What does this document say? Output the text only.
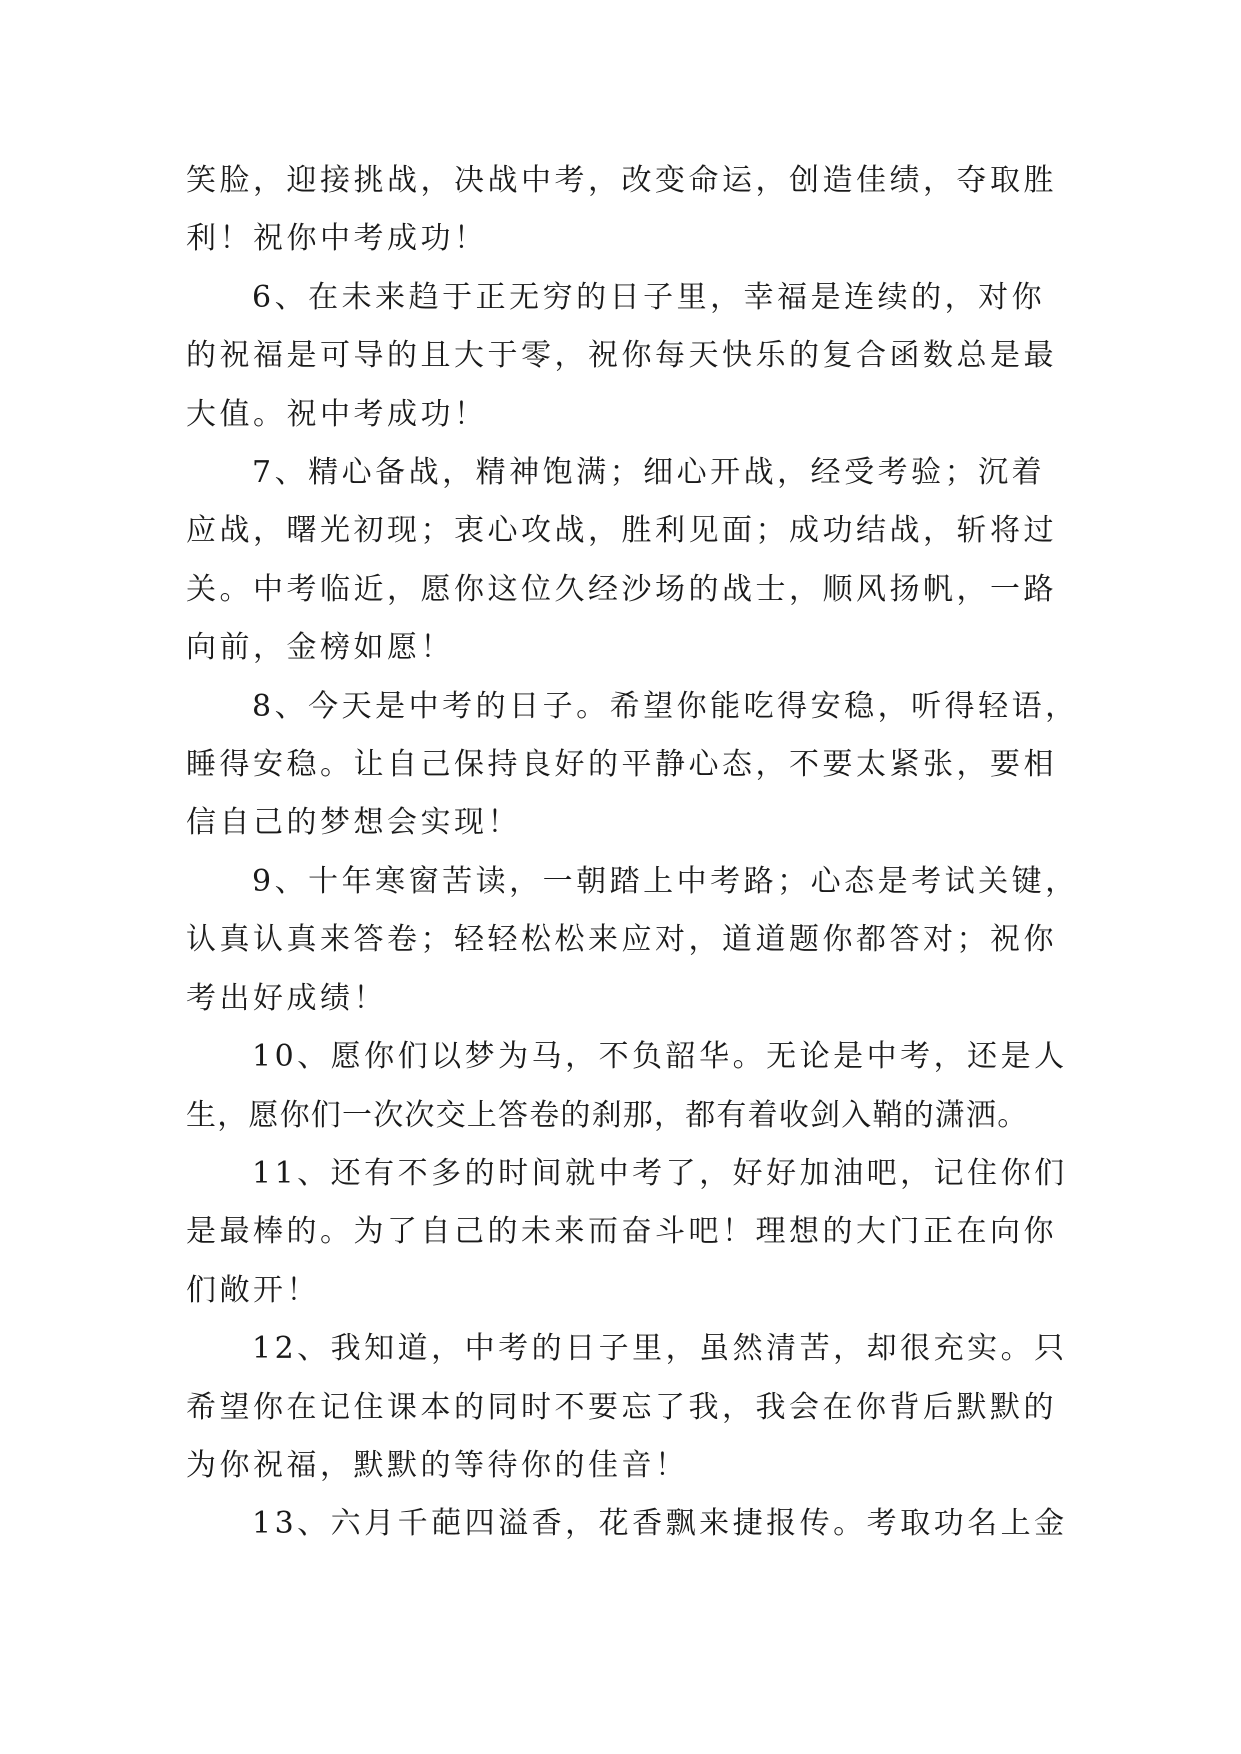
笑脸，迎接挑战，决战中考，改变命运，创造佳绩，夺取胜
利！祝你中考成功！

6、在未来趋于正无穷的日子里，幸福是连续的，对你
的祝福是可导的且大于零，祝你每天快乐的复合函数总是最
大值。祝中考成功！

7、精心备战，精神饱满；细心开战，经受考验；沉着
应战，曙光初现；衷心攻战，胜利见面；成功结战，斩将过
关。中考临近，愿你这位久经沙场的战士，顺风扬帆，一路
向前，金榜如愿！

8、今天是中考的日子。希望你能吃得安稳，听得轻语，
睡得安稳。让自己保持良好的平静心态，不要太紧张，要相
信自己的梦想会实现！

9、十年寒窗苦读，一朝踏上中考路；心态是考试关键，
认真认真来答卷；轻轻松松来应对，道道题你都答对；祝你
考出好成绩！

10、愿你们以梦为马，不负韶华。无论是中考，还是人
生，愿你们一次次交上答卷的刹那，都有着收剑入鞘的潇洒。

11、还有不多的时间就中考了，好好加油吧，记住你们
是最棒的。为了自己的未来而奋斗吧！理想的大门正在向你
们敞开！

12、我知道，中考的日子里，虽然清苦，却很充实。只
希望你在记住课本的同时不要忘了我，我会在你背后默默的
为你祝福，默默的等待你的佳音！

13、六月千葩四溢香，花香飘来捷报传。考取功名上金
